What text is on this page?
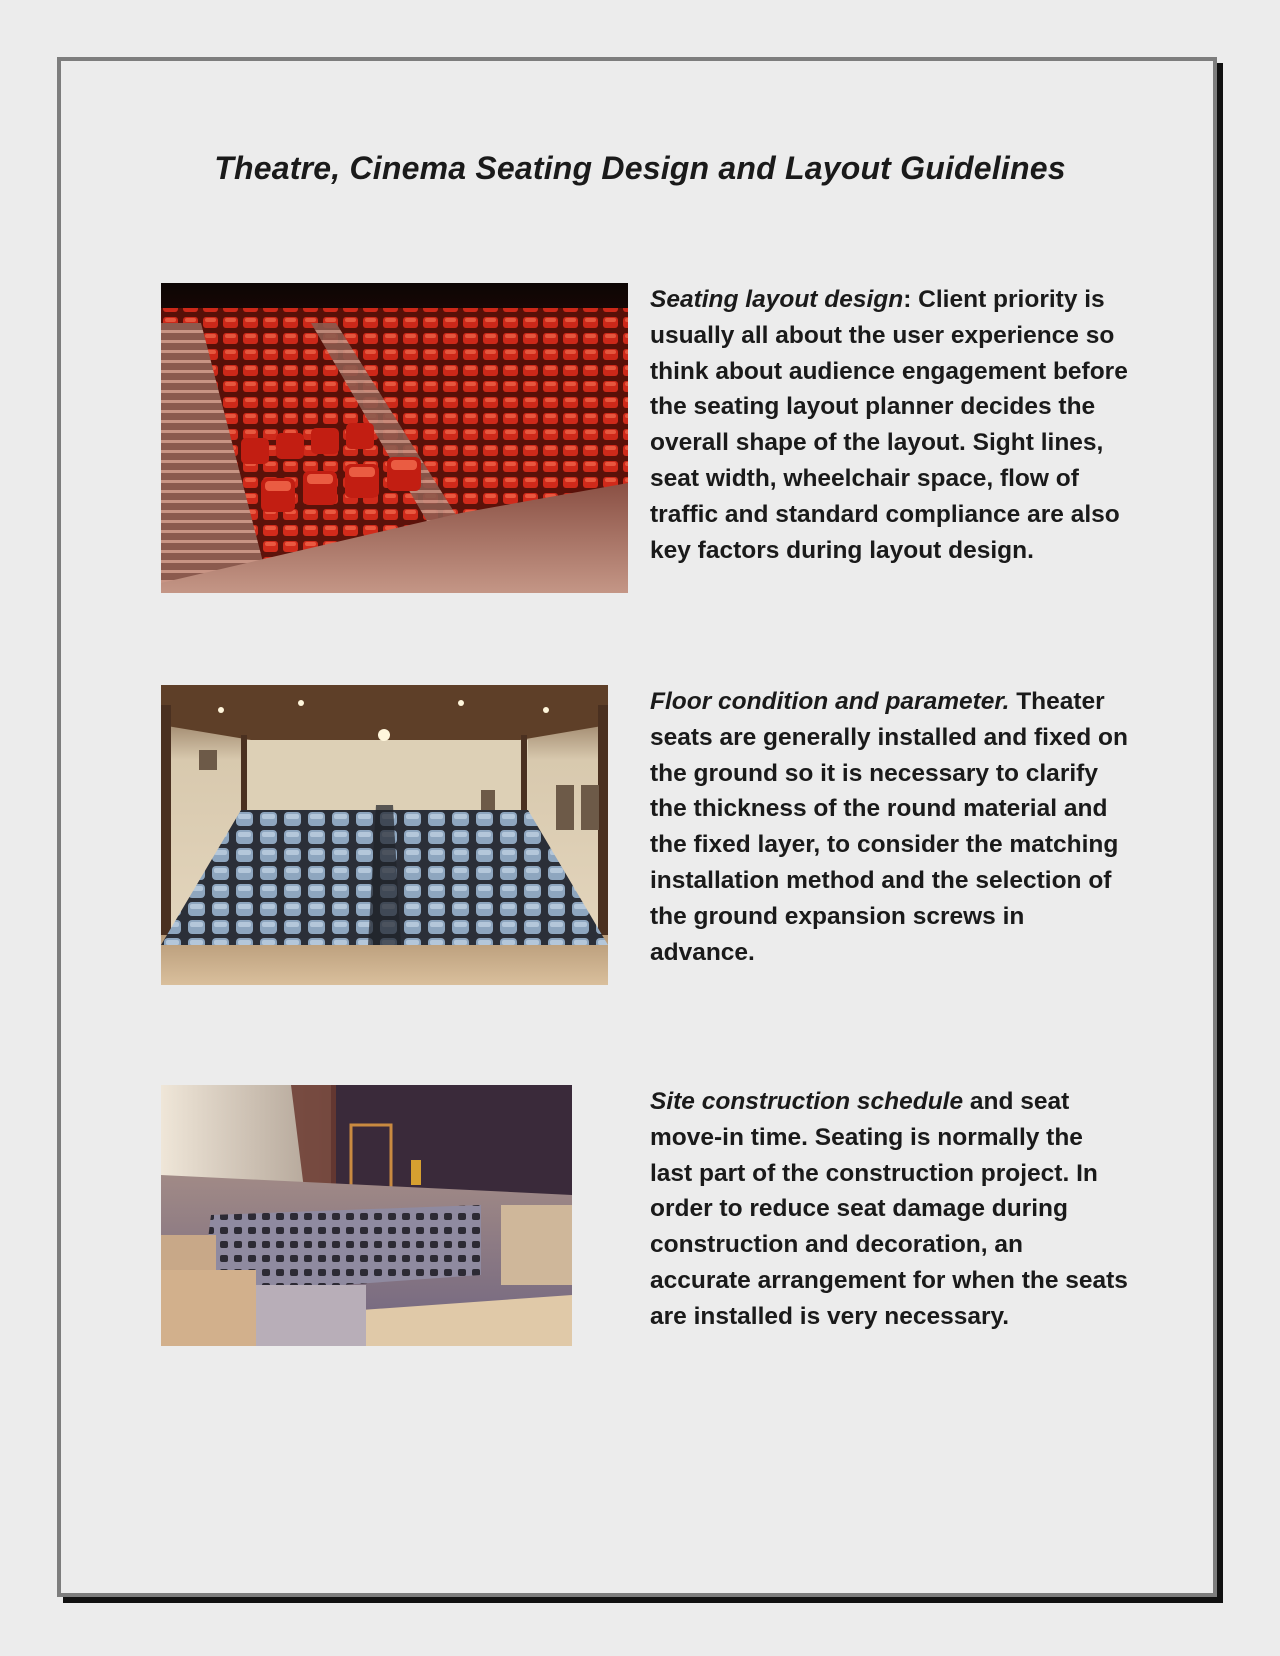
Theatre, Cinema Seating Design and Layout Guidelines

Seating layout design: Client priority is usually all about the user experience so think about audience engagement before the seating layout planner decides the overall shape of the layout. Sight lines, seat width, wheelchair space, flow of traffic and standard compliance are also key factors during layout design.

Floor condition and parameter. Theater seats are generally installed and fixed on the ground so it is necessary to clarify the thickness of the round material and the fixed layer, to consider the matching installation method and the selection of the ground expansion screws in advance.

Site construction schedule and seat move-in time. Seating is normally the last part of the construction project. In order to reduce seat damage during construction and decoration, an accurate arrangement for when the seats are installed is very necessary.
